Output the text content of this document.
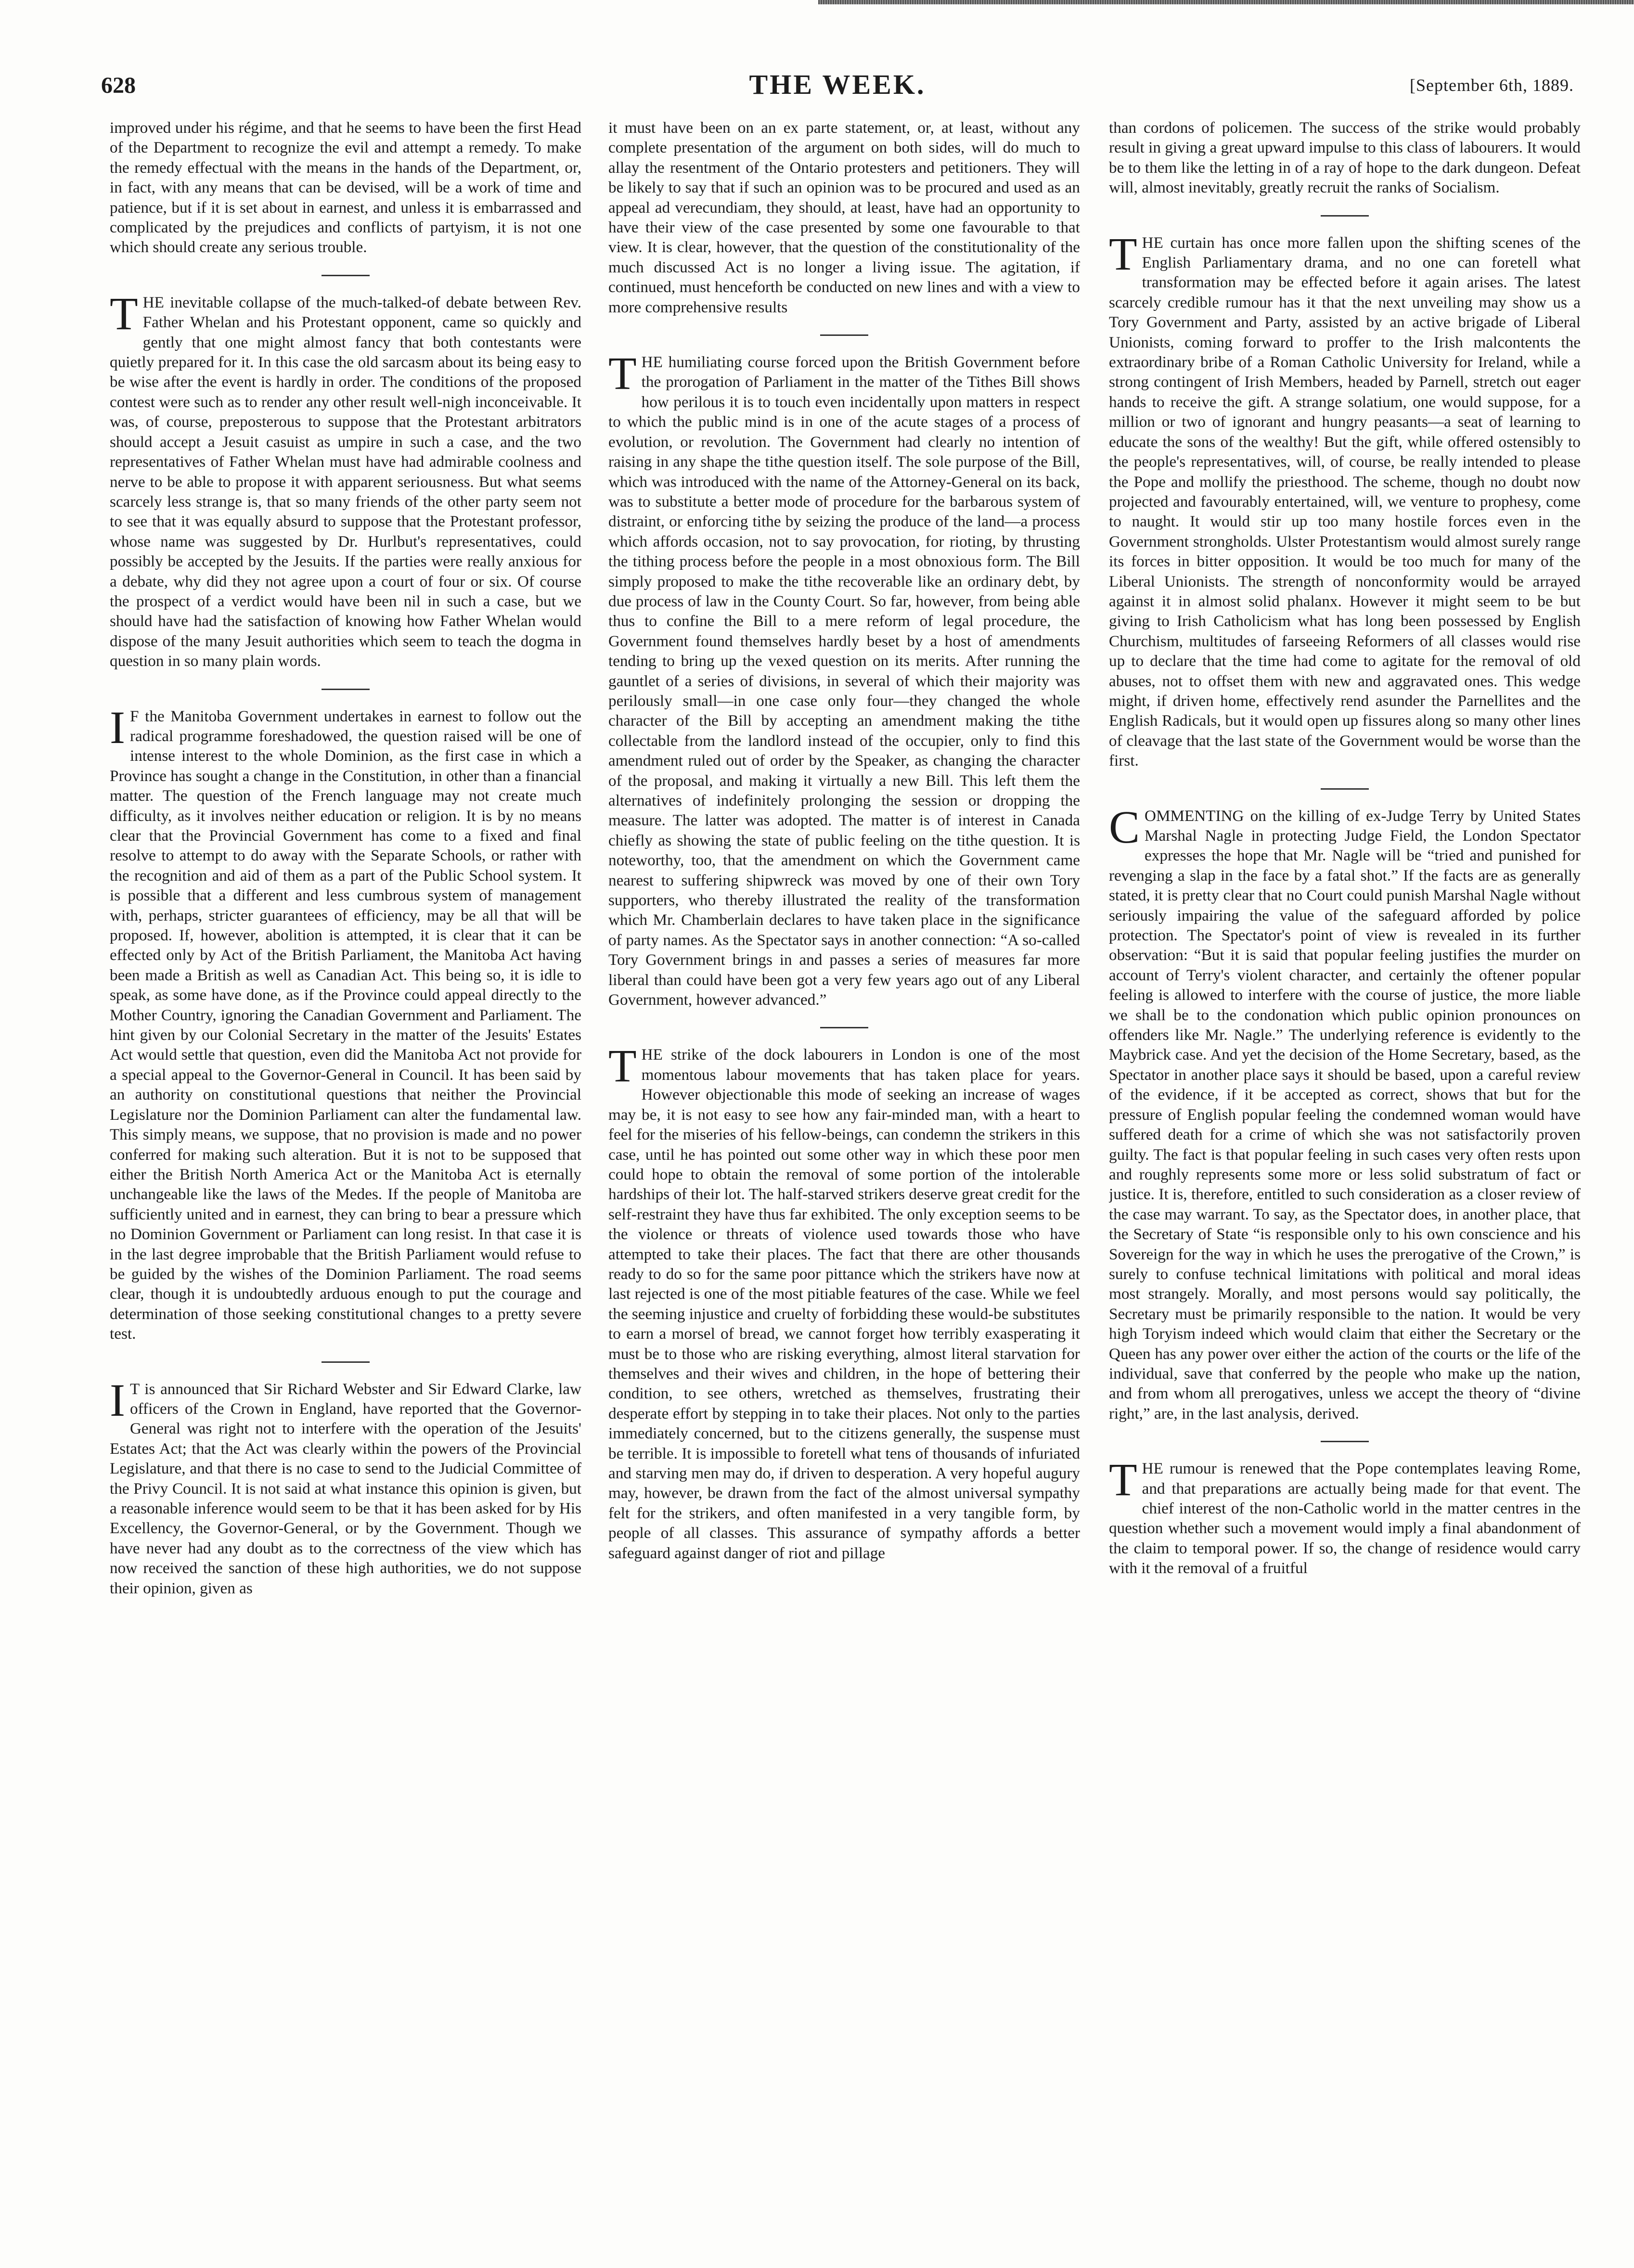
628	THE WEEK.	[September 6th, 1889.

improved under his régime, and that he seems to have been the first Head of the Department to recognize the evil and attempt a remedy. To make the remedy effectual with the means in the hands of the Department, or, in fact, with any means that can be devised, will be a work of time and patience, but if it is set about in earnest, and unless it is embarrassed and complicated by the prejudices and conflicts of partyism, it is not one which should create any serious trouble.

THE inevitable collapse of the much-talked-of debate between Rev. Father Whelan and his Protestant opponent, came so quickly and gently that one might almost fancy that both contestants were quietly prepared for it. In this case the old sarcasm about its being easy to be wise after the event is hardly in order. The conditions of the proposed contest were such as to render any other result well-nigh inconceivable. It was, of course, preposterous to suppose that the Protestant arbitrators should accept a Jesuit casuist as umpire in such a case, and the two representatives of Father Whelan must have had admirable coolness and nerve to be able to propose it with apparent seriousness. But what seems scarcely less strange is, that so many friends of the other party seem not to see that it was equally absurd to suppose that the Protestant professor, whose name was suggested by Dr. Hurlbut's representatives, could possibly be accepted by the Jesuits. If the parties were really anxious for a debate, why did they not agree upon a court of four or six. Of course the prospect of a verdict would have been nil in such a case, but we should have had the satisfaction of knowing how Father Whelan would dispose of the many Jesuit authorities which seem to teach the dogma in question in so many plain words.

IF the Manitoba Government undertakes in earnest to follow out the radical programme foreshadowed, the question raised will be one of intense interest to the whole Dominion, as the first case in which a Province has sought a change in the Constitution, in other than a financial matter. The question of the French language may not create much difficulty, as it involves neither education or religion. It is by no means clear that the Provincial Government has come to a fixed and final resolve to attempt to do away with the Separate Schools, or rather with the recognition and aid of them as a part of the Public School system. It is possible that a different and less cumbrous system of management with, perhaps, stricter guarantees of efficiency, may be all that will be proposed. If, however, abolition is attempted, it is clear that it can be effected only by Act of the British Parliament, the Manitoba Act having been made a British as well as Canadian Act. This being so, it is idle to speak, as some have done, as if the Province could appeal directly to the Mother Country, ignoring the Canadian Government and Parliament. The hint given by our Colonial Secretary in the matter of the Jesuits' Estates Act would settle that question, even did the Manitoba Act not provide for a special appeal to the Governor-General in Council. It has been said by an authority on constitutional questions that neither the Provincial Legislature nor the Dominion Parliament can alter the fundamental law. This simply means, we suppose, that no provision is made and no power conferred for making such alteration. But it is not to be supposed that either the British North America Act or the Manitoba Act is eternally unchangeable like the laws of the Medes. If the people of Manitoba are sufficiently united and in earnest, they can bring to bear a pressure which no Dominion Government or Parliament can long resist. In that case it is in the last degree improbable that the British Parliament would refuse to be guided by the wishes of the Dominion Parliament. The road seems clear, though it is undoubtedly arduous enough to put the courage and determination of those seeking constitutional changes to a pretty severe test.

IT is announced that Sir Richard Webster and Sir Edward Clarke, law officers of the Crown in England, have reported that the Governor-General was right not to interfere with the operation of the Jesuits' Estates Act; that the Act was clearly within the powers of the Provincial Legislature, and that there is no case to send to the Judicial Committee of the Privy Council. It is not said at what instance this opinion is given, but a reasonable inference would seem to be that it has been asked for by His Excellency, the Governor-General, or by the Government. Though we have never had any doubt as to the correctness of the view which has now received the sanction of these high authorities, we do not suppose their opinion, given as

it must have been on an ex parte statement, or, at least, without any complete presentation of the argument on both sides, will do much to allay the resentment of the Ontario protesters and petitioners. They will be likely to say that if such an opinion was to be procured and used as an appeal ad verecundiam, they should, at least, have had an opportunity to have their view of the case presented by some one favourable to that view. It is clear, however, that the question of the constitutionality of the much discussed Act is no longer a living issue. The agitation, if continued, must henceforth be conducted on new lines and with a view to more comprehensive results

THE humiliating course forced upon the British Government before the prorogation of Parliament in the matter of the Tithes Bill shows how perilous it is to touch even incidentally upon matters in respect to which the public mind is in one of the acute stages of a process of evolution, or revolution. The Government had clearly no intention of raising in any shape the tithe question itself. The sole purpose of the Bill, which was introduced with the name of the Attorney-General on its back, was to substitute a better mode of procedure for the barbarous system of distraint, or enforcing tithe by seizing the produce of the land—a process which affords occasion, not to say provocation, for rioting, by thrusting the tithing process before the people in a most obnoxious form. The Bill simply proposed to make the tithe recoverable like an ordinary debt, by due process of law in the County Court. So far, however, from being able thus to confine the Bill to a mere reform of legal procedure, the Government found themselves hardly beset by a host of amendments tending to bring up the vexed question on its merits. After running the gauntlet of a series of divisions, in several of which their majority was perilously small—in one case only four—they changed the whole character of the Bill by accepting an amendment making the tithe collectable from the landlord instead of the occupier, only to find this amendment ruled out of order by the Speaker, as changing the character of the proposal, and making it virtually a new Bill. This left them the alternatives of indefinitely prolonging the session or dropping the measure. The latter was adopted. The matter is of interest in Canada chiefly as showing the state of public feeling on the tithe question. It is noteworthy, too, that the amendment on which the Government came nearest to suffering shipwreck was moved by one of their own Tory supporters, who thereby illustrated the reality of the transformation which Mr. Chamberlain declares to have taken place in the significance of party names. As the Spectator says in another connection: “A so-called Tory Government brings in and passes a series of measures far more liberal than could have been got a very few years ago out of any Liberal Government, however advanced.”

THE strike of the dock labourers in London is one of the most momentous labour movements that has taken place for years. However objectionable this mode of seeking an increase of wages may be, it is not easy to see how any fair-minded man, with a heart to feel for the miseries of his fellow-beings, can condemn the strikers in this case, until he has pointed out some other way in which these poor men could hope to obtain the removal of some portion of the intolerable hardships of their lot. The half-starved strikers deserve great credit for the self-restraint they have thus far exhibited. The only exception seems to be the violence or threats of violence used towards those who have attempted to take their places. The fact that there are other thousands ready to do so for the same poor pittance which the strikers have now at last rejected is one of the most pitiable features of the case. While we feel the seeming injustice and cruelty of forbidding these would-be substitutes to earn a morsel of bread, we cannot forget how terribly exasperating it must be to those who are risking everything, almost literal starvation for themselves and their wives and children, in the hope of bettering their condition, to see others, wretched as themselves, frustrating their desperate effort by stepping in to take their places. Not only to the parties immediately concerned, but to the citizens generally, the suspense must be terrible. It is impossible to foretell what tens of thousands of infuriated and starving men may do, if driven to desperation. A very hopeful augury may, however, be drawn from the fact of the almost universal sympathy felt for the strikers, and often manifested in a very tangible form, by people of all classes. This assurance of sympathy affords a better safeguard against danger of riot and pillage

than cordons of policemen. The success of the strike would probably result in giving a great upward impulse to this class of labourers. It would be to them like the letting in of a ray of hope to the dark dungeon. Defeat will, almost inevitably, greatly recruit the ranks of Socialism.

THE curtain has once more fallen upon the shifting scenes of the English Parliamentary drama, and no one can foretell what transformation may be effected before it again arises. The latest scarcely credible rumour has it that the next unveiling may show us a Tory Government and Party, assisted by an active brigade of Liberal Unionists, coming forward to proffer to the Irish malcontents the extraordinary bribe of a Roman Catholic University for Ireland, while a strong contingent of Irish Members, headed by Parnell, stretch out eager hands to receive the gift. A strange solatium, one would suppose, for a million or two of ignorant and hungry peasants—a seat of learning to educate the sons of the wealthy! But the gift, while offered ostensibly to the people's representatives, will, of course, be really intended to please the Pope and mollify the priesthood. The scheme, though no doubt now projected and favourably entertained, will, we venture to prophesy, come to naught. It would stir up too many hostile forces even in the Government strongholds. Ulster Protestantism would almost surely range its forces in bitter opposition. It would be too much for many of the Liberal Unionists. The strength of nonconformity would be arrayed against it in almost solid phalanx. However it might seem to be but giving to Irish Catholicism what has long been possessed by English Churchism, multitudes of farseeing Reformers of all classes would rise up to declare that the time had come to agitate for the removal of old abuses, not to offset them with new and aggravated ones. This wedge might, if driven home, effectively rend asunder the Parnellites and the English Radicals, but it would open up fissures along so many other lines of cleavage that the last state of the Government would be worse than the first.

COMMENTING on the killing of ex-Judge Terry by United States Marshal Nagle in protecting Judge Field, the London Spectator expresses the hope that Mr. Nagle will be “tried and punished for revenging a slap in the face by a fatal shot.” If the facts are as generally stated, it is pretty clear that no Court could punish Marshal Nagle without seriously impairing the value of the safeguard afforded by police protection. The Spectator's point of view is revealed in its further observation: “But it is said that popular feeling justifies the murder on account of Terry's violent character, and certainly the oftener popular feeling is allowed to interfere with the course of justice, the more liable we shall be to the condonation which public opinion pronounces on offenders like Mr. Nagle.” The underlying reference is evidently to the Maybrick case. And yet the decision of the Home Secretary, based, as the Spectator in another place says it should be based, upon a careful review of the evidence, if it be accepted as correct, shows that but for the pressure of English popular feeling the condemned woman would have suffered death for a crime of which she was not satisfactorily proven guilty. The fact is that popular feeling in such cases very often rests upon and roughly represents some more or less solid substratum of fact or justice. It is, therefore, entitled to such consideration as a closer review of the case may warrant. To say, as the Spectator does, in another place, that the Secretary of State “is responsible only to his own conscience and his Sovereign for the way in which he uses the prerogative of the Crown,” is surely to confuse technical limitations with political and moral ideas most strangely. Morally, and most persons would say politically, the Secretary must be primarily responsible to the nation. It would be very high Toryism indeed which would claim that either the Secretary or the Queen has any power over either the action of the courts or the life of the individual, save that conferred by the people who make up the nation, and from whom all prerogatives, unless we accept the theory of “divine right,” are, in the last analysis, derived.

THE rumour is renewed that the Pope contemplates leaving Rome, and that preparations are actually being made for that event. The chief interest of the non-Catholic world in the matter centres in the question whether such a movement would imply a final abandonment of the claim to temporal power. If so, the change of residence would carry with it the removal of a fruitful
